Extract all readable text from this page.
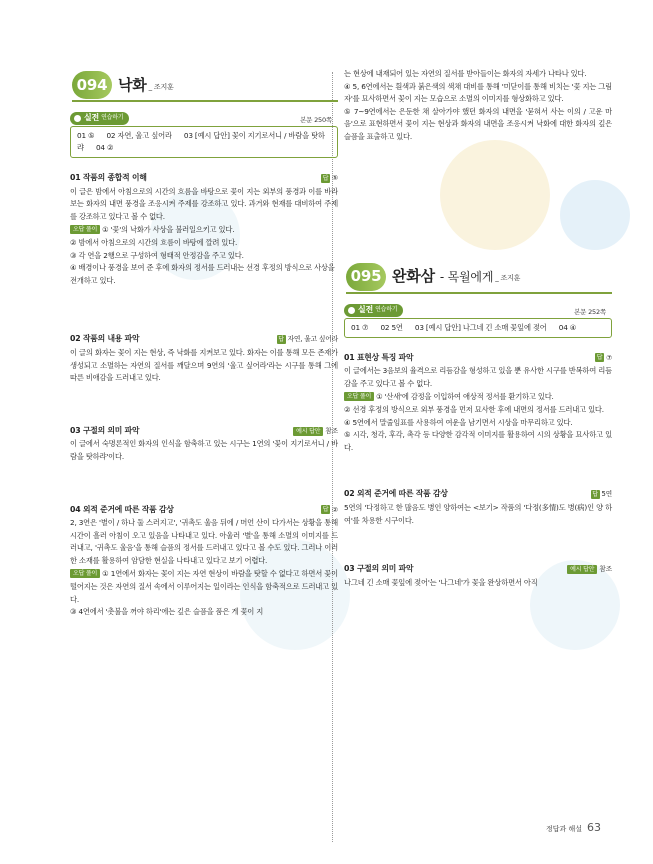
094 낙화 _ 조지훈
실전 연습하기	본문 250쪽
01 ⑤ 02 자연, 울고 싶어라 03 [예시 답안] 꽃이 지기로서니 / 바람을 탓하랴 04 ②
01 작품의 종합적 이해	답 ⑤
이 글은 밤에서 아침으로의 시간의 흐름을 바탕으로 꽃이 지는 외부의 풍경과 이를 바라보는 화자의 내면 풍경을 조응시켜 주제를 강조하고 있다. 과거와 현재를 대비하여 주제를 강조하고 있다고 볼 수 없다.
오답 풀이 ① '꽃'의 낙화가 사상을 불러일으키고 있다.
② 밤에서 아침으로의 시간의 흐름이 바탕에 깔려 있다.
③ 각 연을 2행으로 구성하여 형태적 안정감을 주고 있다.
④ 배경이나 풍경을 보여 준 후에 화자의 정서를 드러내는 선경 후정의 방식으로 사상을 전개하고 있다.
02 작품의 내용 파악	답 자연, 울고 싶어라
이 글의 화자는 꽃이 지는 현상, 즉 낙화를 지켜보고 있다. 화자는 이를 통해 모든 존재가 생성되고 소멸하는 자연의 질서를 깨달으며 9연의 '울고 싶어라'라는 시구를 통해 그에 따른 비애감을 드러내고 있다.
03 구절의 의미 파악	예시 답안 참조
이 글에서 숙명론적인 화자의 인식을 함축하고 있는 시구는 1연의 '꽃이 지기로서니 / 바람을 탓하랴'이다.
04 외적 준거에 따른 작품 감상	답 ②
2, 3연은 '별이 / 하나 둘 스러지고', '귀촉도 울음 뒤에 / 머언 산이 다가서는 상황을 통해 시간이 흘러 아침이 오고 있음을 나타내고 있다. 아울러 '별'을 통해 소멸의 이미지를 드러내고, '귀촉도 울음'을 통해 슬픔의 정서를 드러내고 있다고 볼 수도 있다. 그러나 이러한 소재를 활용하여 암담한 현실을 나타내고 있다고 보기 어렵다.
오답 풀이 ① 1연에서 화자는 꽃이 지는 자연 현상이 바람을 탓할 수 없다고 하면서 꽃이 떨어지는 것은 자연의 질서 속에서 이루어지는 일이라는 인식을 함축적으로 드러내고 있다.
③ 4연에서 '촛불을 꺼야 하리'에는 깊은 슬픔을 품은 게 꽃이 지
는 현상에 내재되어 있는 자연의 질서를 받아들이는 화자의 자세가 나타나 있다.
④ 5, 6연에서는 흰색과 붉은색의 색채 대비를 통해 '미닫이를 통해 비치는 '꽃 지는 그림자'를 묘사하면서 꽃이 지는 모습으로 소멸의 이미지를 형상화하고 있다.
⑤ 7~9연에서는 은둔한 채 살아가야 했던 화자의 내면을 '묻혀서 사는 이의 / 고운 마음'으로 표현하면서 꽃이 지는 현상과 화자의 내면을 조응시켜 낙화에 대한 화자의 깊은 슬픔을 표출하고 있다.
095 완화삼 - 목월에게 _ 조지훈
실전 연습하기	본문 252쪽
01 ⑦ 02 5연 03 [예시 답안] 나그네 긴 소매 꽃잎에 젖어 04 ④
01 표현상 특징 파악	답 ⑦
이 글에서는 3음보의 율격으로 리듬감을 형성하고 있을 뿐 유사한 시구를 반복하여 리듬감을 주고 있다고 볼 수 없다.
오답 풀이 ① '산새'에 감정을 이입하여 애상적 정서를 환기하고 있다.
② 선경 후정의 방식으로 외부 풍경을 먼저 묘사한 후에 내면의 정서를 드러내고 있다.
④ 5연에서 말줄임표를 사용하여 여운을 남기면서 시상을 마무리하고 있다.
⑤ 시각, 청각, 후각, 촉각 등 다양한 감각적 이미지를 활용하여 시의 상황을 묘사하고 있다.
02 외적 준거에 따른 작품 감상	답 5연
5연의 '다정하고 한 많음도 병인 양하여는 <보기> 작품의 '다정(多情)도 병(病)인 양 하여'를 차용한 시구이다.
03 구절의 의미 파악	예시 답안 참조
나그네 긴 소매 꽃잎에 젖어'는 '나그네'가 꽃을 완상하면서 아직
정답과 해설 63
